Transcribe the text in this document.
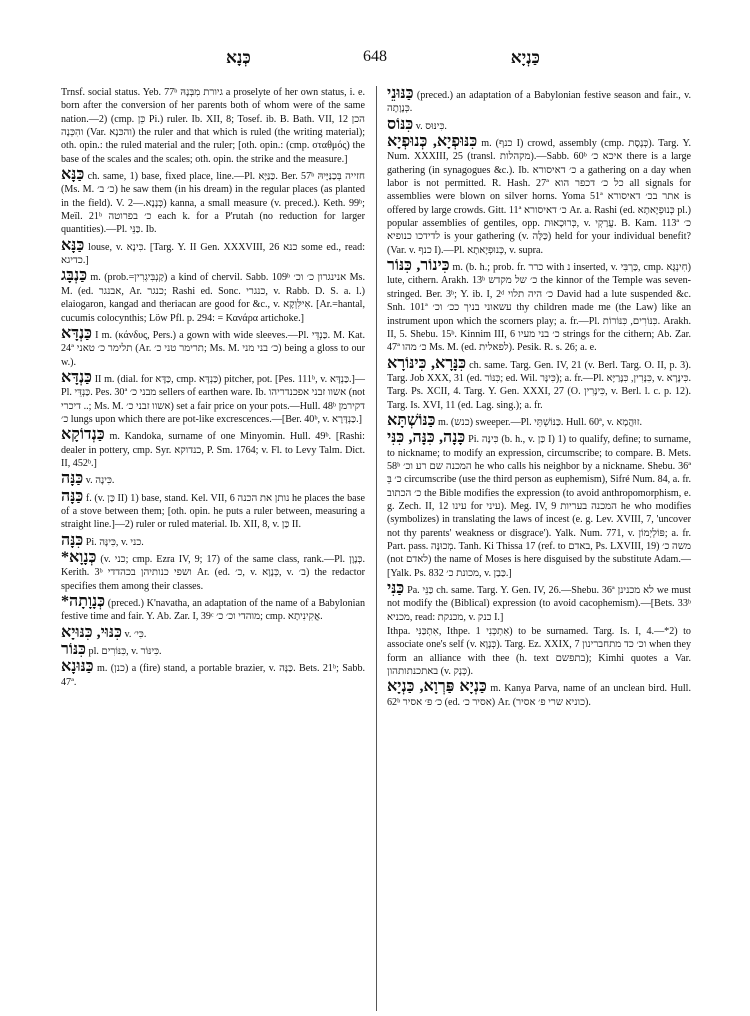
כְּנָא	648	כַּנְיָא
Trnsf. social status. Yeb. 77ᵇ גיורת מִבְּנָהּ a proselyte of her own status, i. e. born after the conversion of her parents both of whom were of the same nation.—2) (cmp. כֵּן Pi.) ruler. Ib. XII, 8; Tosef. ib. B. Bath. VII, 12 הכן והִכְּנָה (Var. והכּנָא) the ruler and that which is ruled (the writing material); oth. opin.: the ruled material and the ruler; [oth. opin.: (cmp. σταθμός) the base of the scales and the scales; oth. opin. the strike and the measure.]
כַּנָּא ch. same, 1) base, fixed place, line.—Pl. כַּנַּיָּא. Ber. 57ᵇ חזייה בְּכַנַּיָּיהּ (Ms. M. כ׳ ב׳) he saw them (in his dream) in the regular places (as planted in the field). V. כְּנָנָא.—2) kanna, a small measure (v. preced.). Keth. 99ᵇ; Meïl. 21ᵇ כ׳ בפרוטה each k. for a P'rutah (no reduction for larger quantities).—Pl. כַּנֵּי. Ib.
כַּנָּא louse, v. כִּינָא. [Targ. Y. II Gen. XXXVIII, 26 כנא some ed., read: כדיגא.]
כַּנְבָּג m. (prob.=קַנְבִּיגְרִין) a kind of chervil. Sabb. 109ᵇ אנינגרון כ׳ וכ׳ Ms. M. (ed. אבנגר, Ar. כנגר; Rashi ed. Sonc. כנגרי, v. Rabb. D. S. a. l.) elaiogaron, kangad and theriacan are good for &c., v. אִילִּוְקָא. [Ar.=hantal, cucumis colocynthis; Löw Pfl. p. 294: = Κανάρα artichoke.]
כַּנְדָּא I m. (κάνδυς, Pers.) a gown with wide sleeves.—Pl. כַּנְדֵּי. M. Kat. 24ª תלימר כ׳ טאני (Ar. תרימר טני כ׳; Ms. M. כ׳ בני מני) being a gloss to our w.).
כַּנְדָּא II m. (dial. for כַּדָּא, cmp. כַּנְדָּא) pitcher, pot. [Pes. 111ᵇ, v. כַּנְדָּא.]—Pl. כַּנְדֵּי. Pes. 30ª מבני כ׳ sellers of earthen ware. Ib. אשוו זבני אפכנדריהו (not דיכרי ..; Ms. M. אשוו זבני כ׳) set a fair price on your pots.—Hull. 48ᵇ דקירמן כ׳ lungs upon which there are pot-like excrescences.—[Ber. 40ᵇ, v. כַּנְדָּרָא.]
כַּנְדוֹקָא m. Kandoka, surname of one Minyomin. Hull. 49ᵇ. [Rashi: dealer in pottery, cmp. Syr. כנדוקא, P. Sm. 1764; v. Fl. to Levy Talm. Dict. II, 452ᵇ.]
כַּנָּה v. כִּינָה.
כַּנָּה f. (v. כַּן II) 1) base, stand. Kel. VII, 6 נותן את הכנה he places the base of a stove between them; [oth. opin. he puts a ruler between, measuring a straight line.]—2) ruler or ruled material. Ib. XII, 8, v. כַּן II.
כִּנָּה Pi. כִּינָּה, v. כני.
*כְּנָוָא (v. כני; cmp. Ezra IV, 9; 17) of the same class, rank.—Pl. כְּנָוָן. Kerith. 3ᵇ ושפי כנותיהן בכהדדי Ar. (ed. כ׳, v. כְּנָוָא, v. ב׳) the redactor specifies them among their classes.
*כְּנָוָתָה (preced.) K'navatha, an adaptation of the name of a Babylonian festive time and fair. Y. Ab. Zar. I, 39ᶜ מוהדי וכ׳ כ׳; cmp. אֲקִינִיתָא.
כִּנּוּי, כִּנּוּיָא v. כִּי׳.
כִּנּוֹר pl. כִּנּוֹרִים, v. כִּינּוֹר.
כַּנּוּנָא m. (כנן) a (fire) stand, a portable brazier, v. כַּנָּה. Bets. 21ᵇ; Sabb. 47ª.
כַּנּוּנֵי (preced.) an adaptation of a Babylonian festive season and fair., v. כְּנָוָתָה.
כִּנּוֹס v. כִּינּוּס.
כִּנּוּפְיָא, כְּנוּפְיָא m. (כנף I) crowd, assembly (cmp. כְּנֶסֶת). Targ. Y. Num. XXXIII, 25 (transl. מקהלות).—Sabb. 60ᵇ איכא כ׳ there is a large gathering (in synagogues &c.). Ib. כ׳ דאיסורא a gathering on a day when labor is not permitted. R. Hash. 27ª כל כ׳ דכפר הוא all signals for assemblies were blown on silver horns. Yoma 51ª אתר בכ׳ דאיסורא is offered by large crowds. Gitt. 11ª כ׳ דאיסורא Ar. a. Rashi (ed. כְּנוּפְיָאתָא pl.) popular assemblies of gentiles, opp. כְּרוּכָאוּת, v. עֲרַקְי. B. Kam. 113ª כ׳ לדידכו כנופיא is your gathering (v. כַּלָּה) held for your individual benefit? (Var. v. כנף I).—Pl. כְּנוּפְיָאתָא, v. supra.
כִּינוֹר, כִּנּוֹר m. (b. h.; prob. fr. כרר with נ inserted, v. כַּרְבִּי, cmp. חִינְגָּא) lute, cithern. Arakh. 13ᵇ כ׳ של מקדש the kinnor of the Temple was seven-stringed. Ber. 3ᵇ; Y. ib. I, 2ᵈ כ׳ היה תלוי David had a lute suspended &c. Snh. 101ª עשאוני בניך ככ׳ וכ׳ thy children made me (the Law) like an instrument upon which the scorners play; a. fr.—Pl. כִּנּוֹרִים, כִּנּוֹרוֹת. Arakh. II, 5. Shebu. 15ᵇ. Kinnim III, 6 כ׳ בני מעיו strings for the cithern; Ab. Zar. 47ª כ׳ מהו Ms. M. (ed. לפאלית). Pesik. R. s. 26; a. e.
כִּנָּרָא, כִּינּוֹרָא ch. same. Targ. Gen. IV, 21 (v. Berl. Targ. O. II, p. 3). Targ. Job XXX, 31 (ed. כִּנּוֹר; ed. Wil. כִּינָּר); a. fr.—Pl. כִּנָּרִין, כִּנָּרַיָּא, v. כִּינָּרָא. Targ. Ps. XCII, 4. Targ. Y. Gen. XXXI, 27 (O. כִּינָּרִין, v. Berl. l. c. p. 12). Targ. Is. XVI, 11 (ed. Lag. sing.); a. fr.
כַּנּוֹשְׁתָּא m. (כנש) sweeper.—Pl. כַּנּוֹשְׁתֵּי. Hull. 60ª, v. זוּהֲמָא.
כָּנָה, כִּנָּה, כִּנִּי Pi. כִּינָּה (b. h., v. כַּן I) 1) to qualify, define; to surname, to nickname; to modify an expression, circumscribe; to compare. B. Mets. 58ᵇ המכנה שם רע וכ׳ he who calls his neighbor by a nickname. Shebu. 36ª כ׳ בֵּ circumscribe (use the third person as euphemism), Sifré Num. 84, a. fr. כ׳ הכתוב the Bible modifies the expression (to avoid anthropomorphism, e. g. Zech. II, 12 עינו for עיני). Meg. IV, 9 המכנה בעריות he who modifies (symbolizes) in translating the laws of incest (e. g. Lev. XVIII, 7, 'uncover not thy parents' weakness or disgrace'). Yalk. Num. 771, v. פּוֹלְיְמוֹן; a. fr. Part. pass. מְכוּנָּה. Tanh. Ki Thissa 17 (ref. to באדם, Ps. LXVIII, 19) משה כ׳ (not לאדם) the name of Moses is here disguised by the substitute Adam.—[Yalk. Ps. 832 מכונת כ׳, v. כַּבַן.]
כַּנִּי Pa. כַּנֵּי ch. same. Targ. Y. Gen. IV, 26.—Shebu. 36ª לא מכנינן we must not modify the (Biblical) expression (to avoid cacophemism).—[Bets. 33ᵇ מכניא, read: מכנקת, v. כנק I.]
Ithpa. אִתְכַּנִּי, Ithpe. אִתְכְּנִי 1) to be surnamed. Targ. Is. I, 4.—*2) to associate one's self (v. כְּנָוָא). Targ. Ez. XXIX, 7 וכ׳ כד מתחברינון when they form an alliance with thee (h. text בתפשם); Kimhi quotes a Var. באתכנתותהון (v. כְּנָק).
כַּנְיָא פַּרְוָא, כַּנְיָא m. Kanya Parva, name of an unclean bird. Hull. 62ᵇ כ׳ פ׳ אסיר (ed. אסיר כ׳) Ar. (כוניא שרי פ׳ אסיר).
